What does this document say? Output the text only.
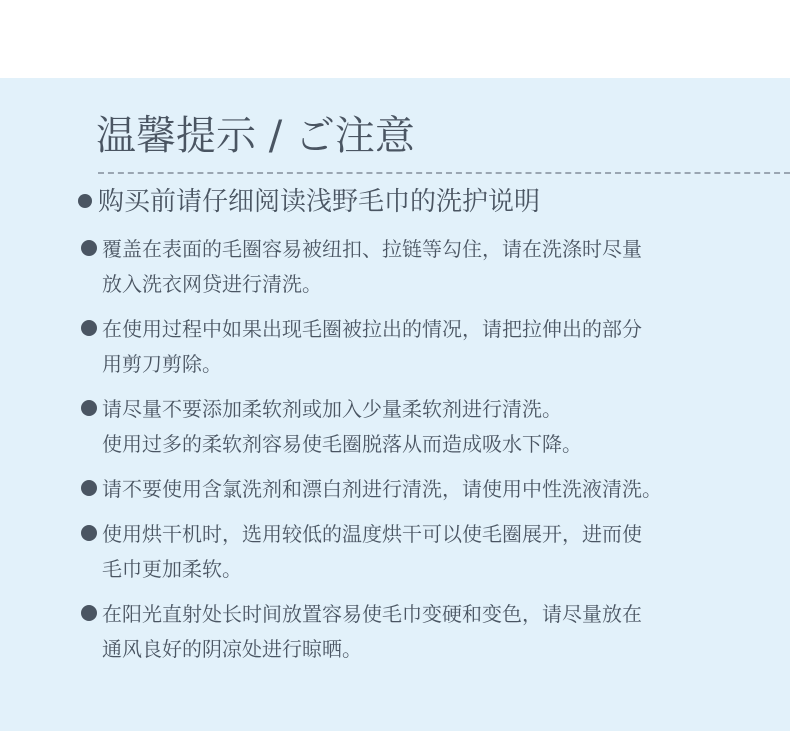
温馨提示 / ご注意
购买前请仔细阅读浅野毛巾的洗护说明
覆盖在表面的毛圈容易被纽扣、拉链等勾住，请在洗涤时尽量
放入洗衣网贷进行清洗。
在使用过程中如果出现毛圈被拉出的情况，请把拉伸出的部分
用剪刀剪除。
请尽量不要添加柔软剂或加入少量柔软剂进行清洗。
使用过多的柔软剂容易使毛圈脱落从而造成吸水下降。
请不要使用含氯洗剂和漂白剂进行清洗，请使用中性洗液清洗。
使用烘干机时，选用较低的温度烘干可以使毛圈展开，进而使
毛巾更加柔软。
在阳光直射处长时间放置容易使毛巾变硬和变色，请尽量放在
通风良好的阴凉处进行晾晒。
